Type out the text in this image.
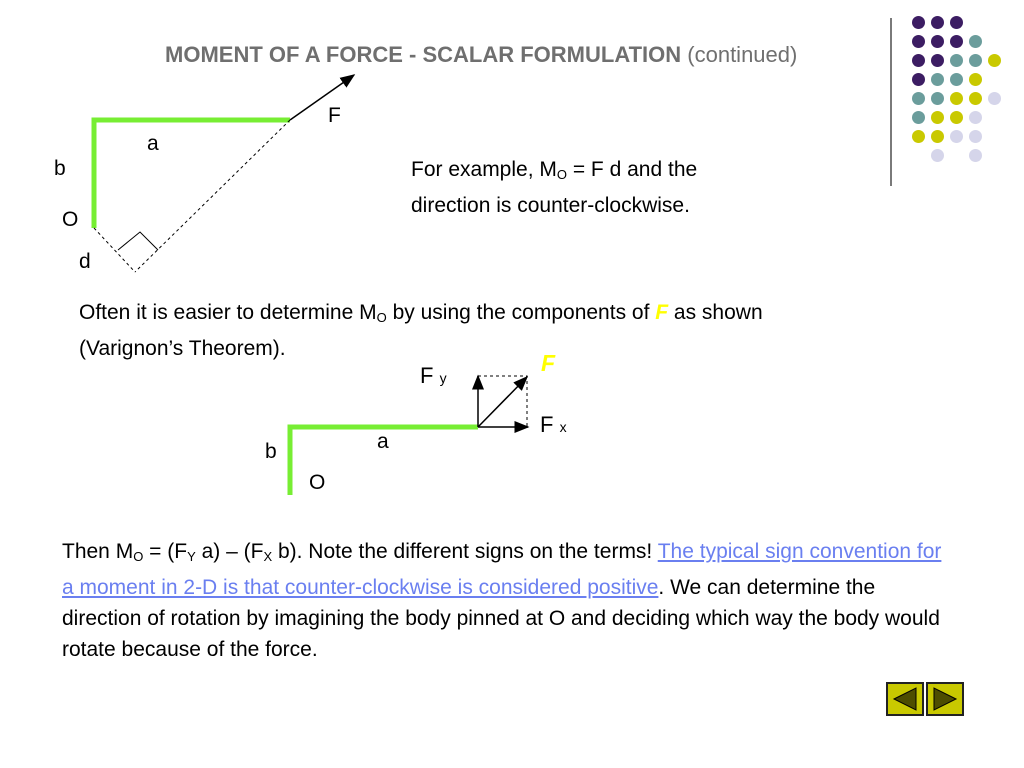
MOMENT OF A FORCE - SCALAR FORMULATION (continued)
F
a
b
O
d
For example, $M_O = F$ d and the
direction is counter-clockwise.
Often it is easier to determine $M_O$ by using the components of F as shown
(Varignon’s Theorem).
F
F y
F x
a
b
O
Then $M_O = (F_Y$ $a) - (F_X$ b). Note the different signs on the terms! The typical sign convention for a moment in 2-D is that counter-clockwise is considered positive. We can determine the direction of rotation by imagining the body pinned at O and deciding which way the body would rotate because of the force.
